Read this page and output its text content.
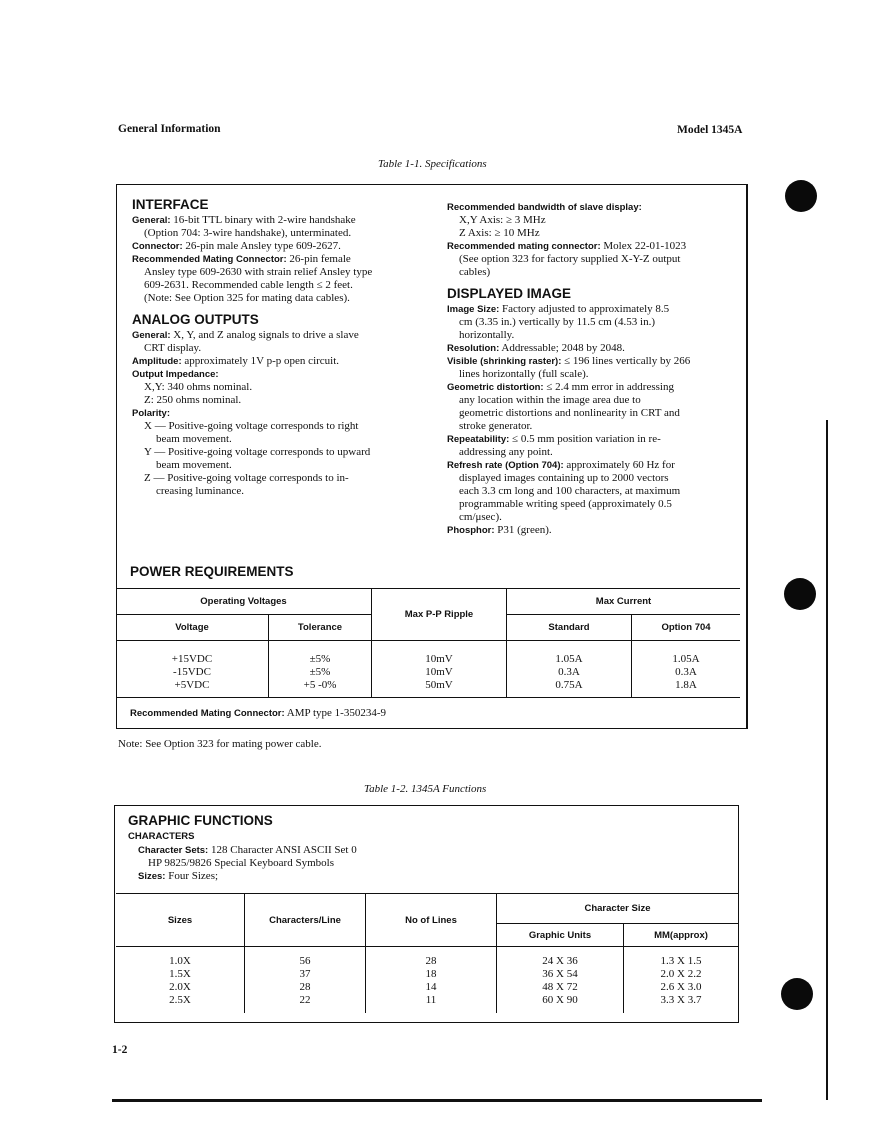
General Information	Model 1345A
Table 1-1. Specifications
INTERFACE
General: 16-bit TTL binary with 2-wire handshake
(Option 704: 3-wire handshake), unterminated.
Connector: 26-pin male Ansley type 609-2627.
Recommended Mating Connector: 26-pin female
Ansley type 609-2630 with strain relief Ansley type
609-2631. Recommended cable length ≤ 2 feet.
(Note: See Option 325 for mating data cables).
ANALOG OUTPUTS
General: X, Y, and Z analog signals to drive a slave
CRT display.
Amplitude: approximately 1V p-p open circuit.
Output Impedance:
X,Y: 340 ohms nominal.
Z: 250 ohms nominal.
Polarity:
X — Positive-going voltage corresponds to right
beam movement.
Y — Positive-going voltage corresponds to upward
beam movement.
Z — Positive-going voltage corresponds to in-
creasing luminance.
Recommended bandwidth of slave display:
X,Y Axis: ≥ 3 MHz
Z Axis: ≥ 10 MHz
Recommended mating connector: Molex 22-01-1023
(See option 323 for factory supplied X-Y-Z output
cables)
DISPLAYED IMAGE
Image Size: Factory adjusted to approximately 8.5
cm (3.35 in.) vertically by 11.5 cm (4.53 in.)
horizontally.
Resolution: Addressable; 2048 by 2048.
Visible (shrinking raster): ≤ 196 lines vertically by 266
lines horizontally (full scale).
Geometric distortion: ≤ 2.4 mm error in addressing
any location within the image area due to
geometric distortions and nonlinearity in CRT and
stroke generator.
Repeatability: ≤ 0.5 mm position variation in re-
addressing any point.
Refresh rate (Option 704): approximately 60 Hz for
displayed images containing up to 2000 vectors
each 3.3 cm long and 100 characters, at maximum
programmable writing speed (approximately 0.5
cm/μsec).
Phosphor: P31 (green).
POWER REQUIREMENTS
Operating Voltages		Max P-P Ripple	Max Current	
Voltage	Tolerance		Standard	Option 704

+15VDC	±5%	10mV	1.05A	1.05A
-15VDC	±5%	10mV	0.3A	0.3A
+5VDC	+5 -0%	50mV	0.75A	1.8A

Recommended Mating Connector: AMP type 1-350234-9
Note: See Option 323 for mating power cable.
Table 1-2. 1345A Functions
GRAPHIC FUNCTIONS
CHARACTERS
Character Sets: 128 Character ANSI ASCII Set 0
HP 9825/9826 Special Keyboard Symbols
Sizes: Four Sizes;
Sizes	Characters/Line	No of Lines	Character Size	
			Graphic Units	MM(approx)

1.0X	56	28	24 X 36	1.3 X 1.5
1.5X	37	18	36 X 54	2.0 X 2.2
2.0X	28	14	48 X 72	2.6 X 3.0
2.5X	22	11	60 X 90	3.3 X 3.7

1-2
